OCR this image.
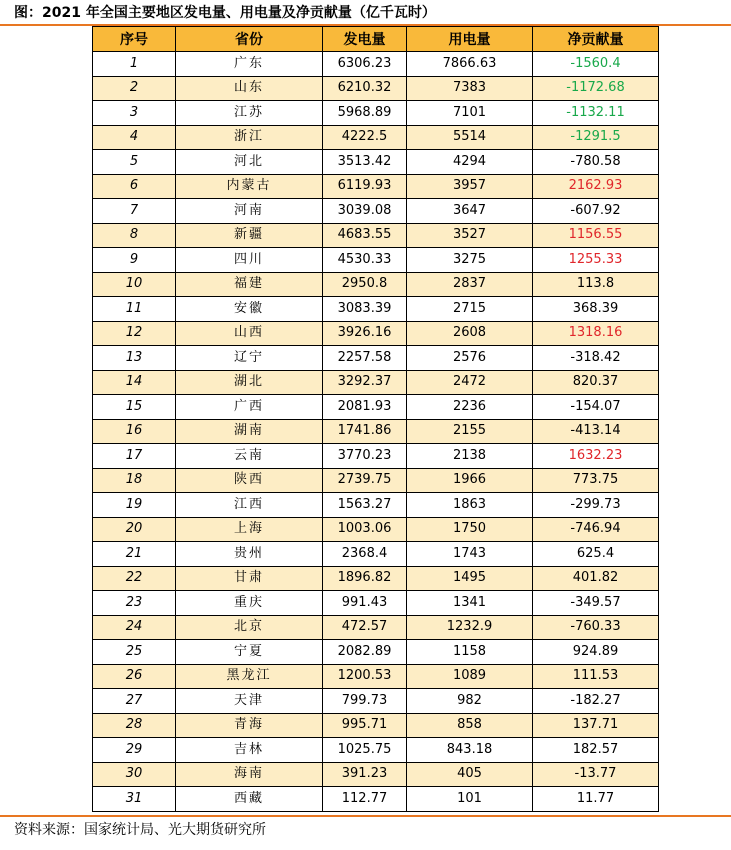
图：2021 年全国主要地区发电量、用电量及净贡献量（亿千瓦时）
序号	省份	发电量	用电量	净贡献量
1	广东	6306.23	7866.63	-1560.4
2	山东	6210.32	7383	-1172.68
3	江苏	5968.89	7101	-1132.11
4	浙江	4222.5	5514	-1291.5
5	河北	3513.42	4294	-780.58
6	内蒙古	6119.93	3957	2162.93
7	河南	3039.08	3647	-607.92
8	新疆	4683.55	3527	1156.55
9	四川	4530.33	3275	1255.33
10	福建	2950.8	2837	113.8
11	安徽	3083.39	2715	368.39
12	山西	3926.16	2608	1318.16
13	辽宁	2257.58	2576	-318.42
14	湖北	3292.37	2472	820.37
15	广西	2081.93	2236	-154.07
16	湖南	1741.86	2155	-413.14
17	云南	3770.23	2138	1632.23
18	陕西	2739.75	1966	773.75
19	江西	1563.27	1863	-299.73
20	上海	1003.06	1750	-746.94
21	贵州	2368.4	1743	625.4
22	甘肃	1896.82	1495	401.82
23	重庆	991.43	1341	-349.57
24	北京	472.57	1232.9	-760.33
25	宁夏	2082.89	1158	924.89
26	黑龙江	1200.53	1089	111.53
27	天津	799.73	982	-182.27
28	青海	995.71	858	137.71
29	吉林	1025.75	843.18	182.57
30	海南	391.23	405	-13.77
31	西藏	112.77	101	11.77
资料来源：国家统计局、光大期货研究所
